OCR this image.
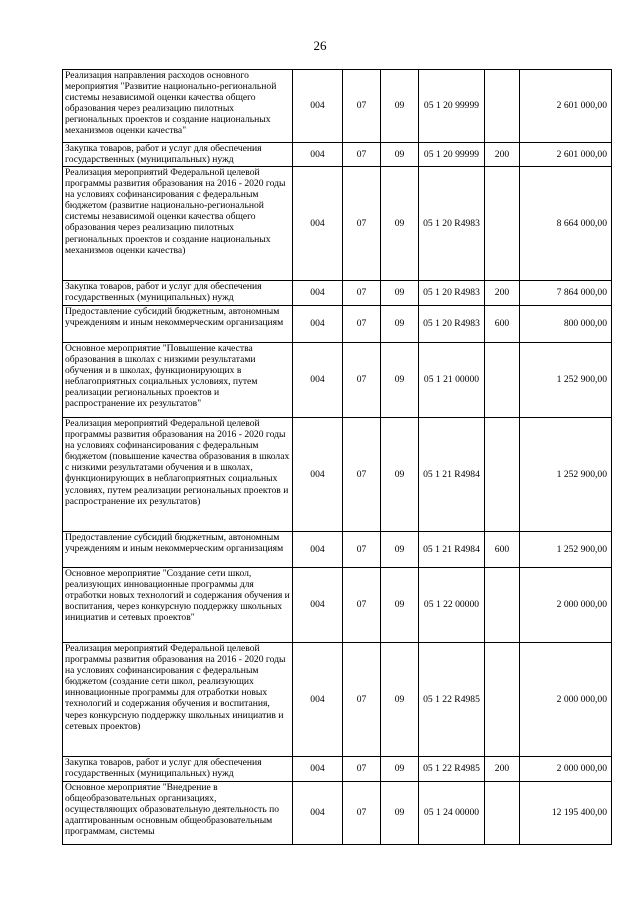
26
Реализация направления расходов основного мероприятия "Развитие национально-региональной системы независимой оценки качества общего образования через реализацию пилотных региональных проектов и создание национальных механизмов оценки качества"	004	07	09	05 1 20 99999		2 601 000,00
Закупка товаров, работ и услуг для обеспечения государственных (муниципальных) нужд	004	07	09	05 1 20 99999	200	2 601 000,00
Реализация мероприятий Федеральной целевой программы развития образования на 2016 - 2020 годы на условиях софинансирования с федеральным бюджетом (развитие национально-региональной системы независимой оценки качества общего образования через реализацию пилотных региональных проектов и создание национальных механизмов оценки качества)	004	07	09	05 1 20 R4983		8 664 000,00
Закупка товаров, работ и услуг для обеспечения государственных (муниципальных) нужд	004	07	09	05 1 20 R4983	200	7 864 000,00
Предоставление субсидий бюджетным, автономным учреждениям и иным некоммерческим организациям	004	07	09	05 1 20 R4983	600	800 000,00
Основное мероприятие "Повышение качества образования в школах с низкими результатами обучения и в школах, функционирующих в неблагоприятных социальных условиях, путем реализации региональных проектов и распространение их результатов"	004	07	09	05 1 21 00000		1 252 900,00
Реализация мероприятий Федеральной целевой программы развития образования на 2016 - 2020 годы на условиях софинансирования с федеральным бюджетом (повышение качества образования в школах с низкими результатами обучения и в школах, функционирующих в неблагоприятных социальных условиях, путем реализации региональных проектов и распространение их результатов)	004	07	09	05 1 21 R4984		1 252 900,00
Предоставление субсидий бюджетным, автономным учреждениям и иным некоммерческим организациям	004	07	09	05 1 21 R4984	600	1 252 900,00
Основное мероприятие "Создание сети школ, реализующих инновационные программы для отработки новых технологий и содержания обучения и воспитания, через конкурсную поддержку школьных инициатив и сетевых проектов"	004	07	09	05 1 22 00000		2 000 000,00
Реализация мероприятий Федеральной целевой программы развития образования на 2016 - 2020 годы на условиях софинансирования с федеральным бюджетом (создание сети школ, реализующих инновационные программы для отработки новых технологий и содержания обучения и воспитания, через конкурсную поддержку школьных инициатив и сетевых проектов)	004	07	09	05 1 22 R4985		2 000 000,00
Закупка товаров, работ и услуг для обеспечения государственных (муниципальных) нужд	004	07	09	05 1 22 R4985	200	2 000 000,00
Основное мероприятие "Внедрение в общеобразовательных организациях, осуществляющих образовательную деятельность по адаптированным основным общеобразовательным программам, системы	004	07	09	05 1 24 00000		12 195 400,00
